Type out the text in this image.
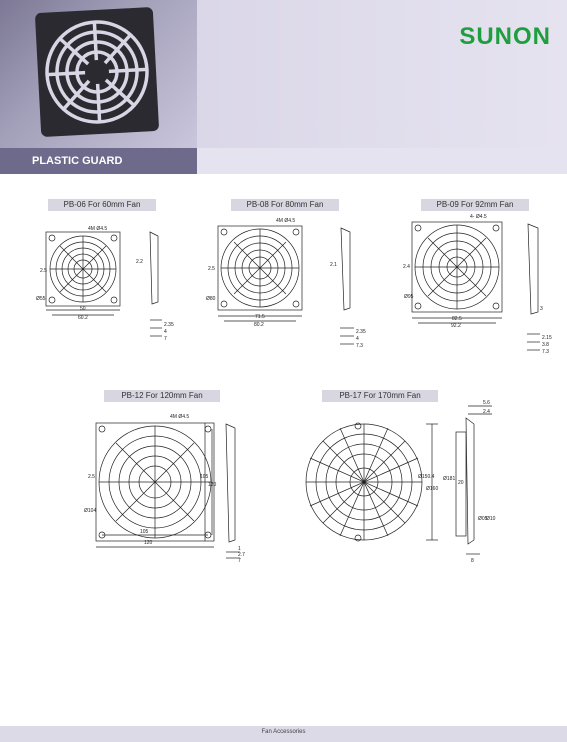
SUNON
PLASTIC GUARD
PB-06 For 60mm Fan	PB-08 For 80mm Fan	PB-09 For 92mm Fan
PB-12 For 120mm Fan	PB-17 For 170mm Fan
4M Ø4.5
50
60.2
2.2
2.5
Ø55
2.35
4
7
4M Ø4.5
71.5
80.2
2.1
2.5
Ø80
2.35
4
7.3
4- Ø4.5
82.5
92.2
3
2.4
Ø95
2.15
3.8
7.3
4M Ø4.5
105
120
2.5	105
120
Ø104
1
2.7
7
Ø150.4
Ø160
Ø181
Ø05
Ø10
20
5.6
2.4
8
Fan Accessories
